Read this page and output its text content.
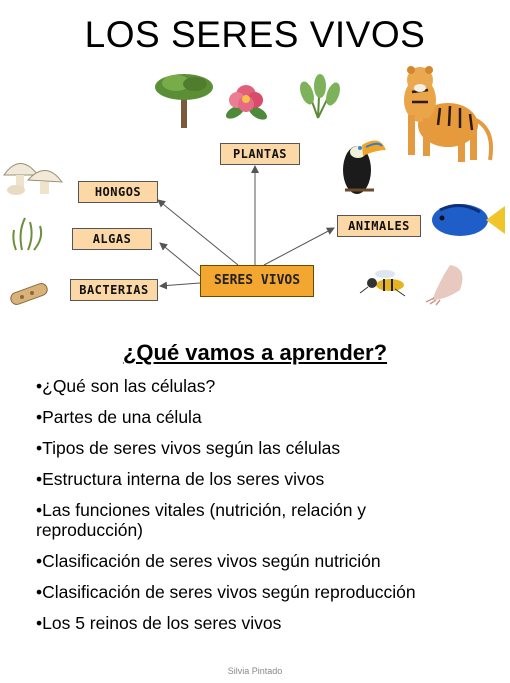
LOS SERES VIVOS
PLANTAS
HONGOS
ALGAS
BACTERIAS
ANIMALES
SERES VIVOS
¿Qué vamos a aprender?
•¿Qué son las células?
•Partes de una célula
•Tipos de seres vivos según las células
•Estructura interna de los seres vivos
•Las funciones vitales (nutrición, relación y reproducción)
•Clasificación de seres vivos según nutrición
•Clasificación de seres vivos según reproducción
•Los 5 reinos de los seres vivos
Silvia Pintado
